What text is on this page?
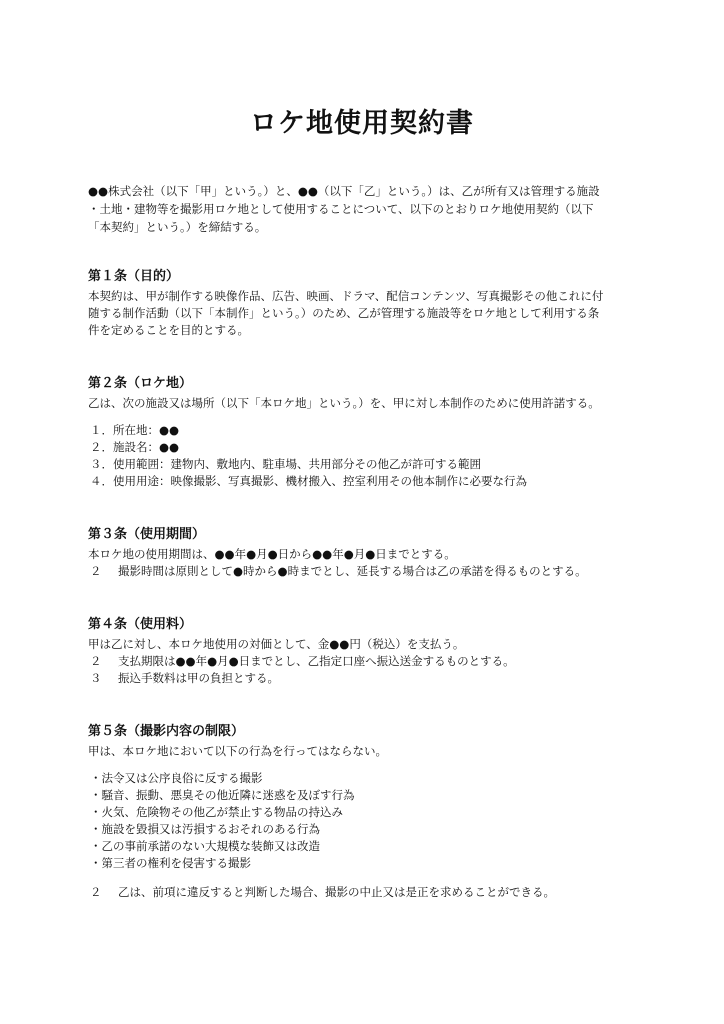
ロケ地使用契約書
●●株式会社（以下「甲」という。）と、●●（以下「乙」という。）は、乙が所有又は管理する施設
・土地・建物等を撮影用ロケ地として使用することについて、以下のとおりロケ地使用契約（以下
「本契約」という。）を締結する。
第１条（目的）
本契約は、甲が制作する映像作品、広告、映画、ドラマ、配信コンテンツ、写真撮影その他これに付
随する制作活動（以下「本制作」という。）のため、乙が管理する施設等をロケ地として利用する条
件を定めることを目的とする。
第２条（ロケ地）
乙は、次の施設又は場所（以下「本ロケ地」という。）を、甲に対し本制作のために使用許諾する。
１．所在地：●●
２．施設名：●●
３．使用範囲：建物内、敷地内、駐車場、共用部分その他乙が許可する範囲
４．使用用途：映像撮影、写真撮影、機材搬入、控室利用その他本制作に必要な行為
第３条（使用期間）
本ロケ地の使用期間は、●●年●月●日から●●年●月●日までとする。
２ 撮影時間は原則として●時から●時までとし、延長する場合は乙の承諾を得るものとする。
第４条（使用料）
甲は乙に対し、本ロケ地使用の対価として、金●●円（税込）を支払う。
２ 支払期限は●●年●月●日までとし、乙指定口座へ振込送金するものとする。
３ 振込手数料は甲の負担とする。
第５条（撮影内容の制限）
甲は、本ロケ地において以下の行為を行ってはならない。
・法令又は公序良俗に反する撮影
・騒音、振動、悪臭その他近隣に迷惑を及ぼす行為
・火気、危険物その他乙が禁止する物品の持込み
・施設を毀損又は汚損するおそれのある行為
・乙の事前承諾のない大規模な装飾又は改造
・第三者の権利を侵害する撮影
２ 乙は、前項に違反すると判断した場合、撮影の中止又は是正を求めることができる。
